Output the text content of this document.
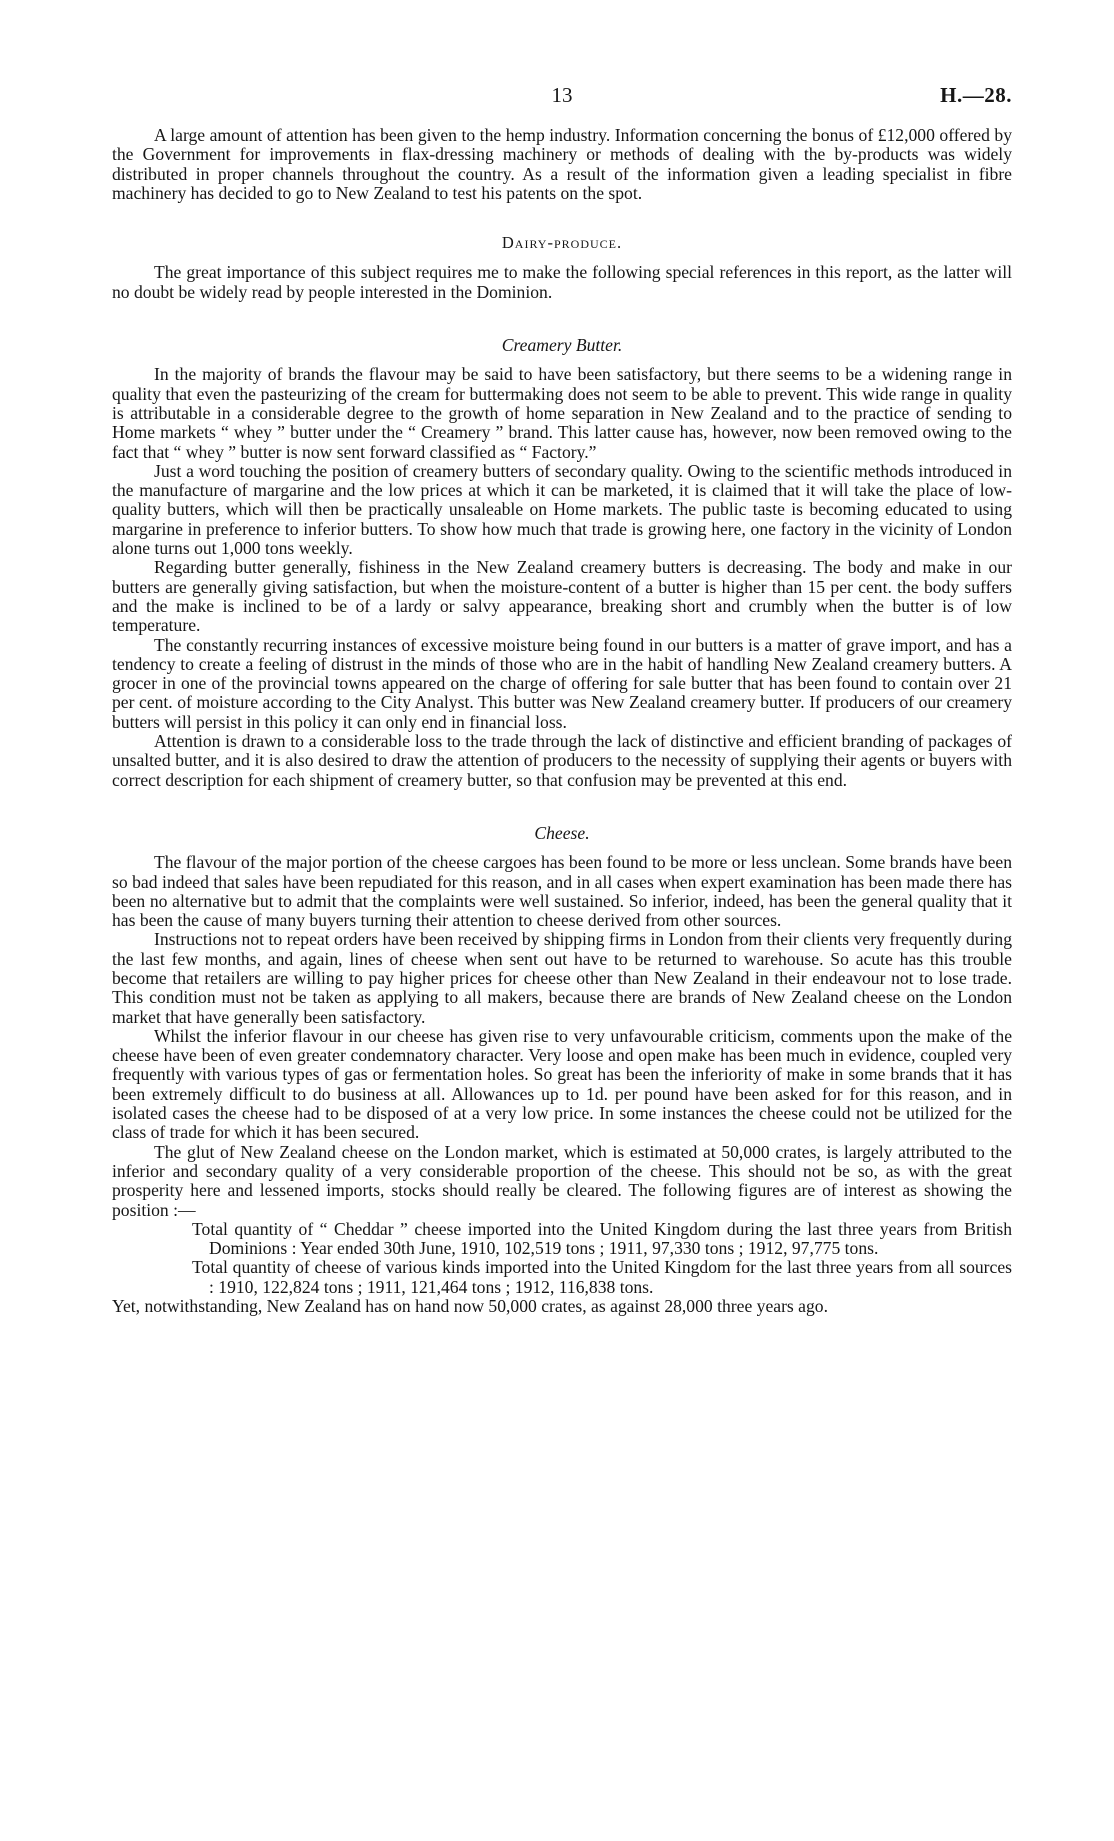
13	H.—28.

A large amount of attention has been given to the hemp industry. Information concerning the bonus of £12,000 offered by the Government for improvements in flax-dressing machinery or methods of dealing with the by-products was widely distributed in proper channels throughout the country. As a result of the information given a leading specialist in fibre machinery has decided to go to New Zealand to test his patents on the spot.

Dairy-produce.

The great importance of this subject requires me to make the following special references in this report, as the latter will no doubt be widely read by people interested in the Dominion.

Creamery Butter.

In the majority of brands the flavour may be said to have been satisfactory, but there seems to be a widening range in quality that even the pasteurizing of the cream for buttermaking does not seem to be able to prevent. This wide range in quality is attributable in a considerable degree to the growth of home separation in New Zealand and to the practice of sending to Home markets “ whey ” butter under the “ Creamery ” brand. This latter cause has, however, now been removed owing to the fact that “ whey ” butter is now sent forward classified as “ Factory.”

Just a word touching the position of creamery butters of secondary quality. Owing to the scientific methods introduced in the manufacture of margarine and the low prices at which it can be marketed, it is claimed that it will take the place of low-quality butters, which will then be practically unsaleable on Home markets. The public taste is becoming educated to using margarine in preference to inferior butters. To show how much that trade is growing here, one factory in the vicinity of London alone turns out 1,000 tons weekly.

Regarding butter generally, fishiness in the New Zealand creamery butters is decreasing. The body and make in our butters are generally giving satisfaction, but when the moisture-content of a butter is higher than 15 per cent. the body suffers and the make is inclined to be of a lardy or salvy appearance, breaking short and crumbly when the butter is of low temperature.

The constantly recurring instances of excessive moisture being found in our butters is a matter of grave import, and has a tendency to create a feeling of distrust in the minds of those who are in the habit of handling New Zealand creamery butters. A grocer in one of the provincial towns appeared on the charge of offering for sale butter that has been found to contain over 21 per cent. of moisture according to the City Analyst. This butter was New Zealand creamery butter. If producers of our creamery butters will persist in this policy it can only end in financial loss.

Attention is drawn to a considerable loss to the trade through the lack of distinctive and efficient branding of packages of unsalted butter, and it is also desired to draw the attention of producers to the necessity of supplying their agents or buyers with correct description for each shipment of creamery butter, so that confusion may be prevented at this end.

Cheese.

The flavour of the major portion of the cheese cargoes has been found to be more or less unclean. Some brands have been so bad indeed that sales have been repudiated for this reason, and in all cases when expert examination has been made there has been no alternative but to admit that the complaints were well sustained. So inferior, indeed, has been the general quality that it has been the cause of many buyers turning their attention to cheese derived from other sources.

Instructions not to repeat orders have been received by shipping firms in London from their clients very frequently during the last few months, and again, lines of cheese when sent out have to be returned to warehouse. So acute has this trouble become that retailers are willing to pay higher prices for cheese other than New Zealand in their endeavour not to lose trade. This condition must not be taken as applying to all makers, because there are brands of New Zealand cheese on the London market that have generally been satisfactory.

Whilst the inferior flavour in our cheese has given rise to very unfavourable criticism, comments upon the make of the cheese have been of even greater condemnatory character. Very loose and open make has been much in evidence, coupled very frequently with various types of gas or fermentation holes. So great has been the inferiority of make in some brands that it has been extremely difficult to do business at all. Allowances up to 1d. per pound have been asked for for this reason, and in isolated cases the cheese had to be disposed of at a very low price. In some instances the cheese could not be utilized for the class of trade for which it has been secured.

The glut of New Zealand cheese on the London market, which is estimated at 50,000 crates, is largely attributed to the inferior and secondary quality of a very considerable proportion of the cheese. This should not be so, as with the great prosperity here and lessened imports, stocks should really be cleared. The following figures are of interest as showing the position :—

Total quantity of “ Cheddar ” cheese imported into the United Kingdom during the last three years from British Dominions : Year ended 30th June, 1910, 102,519 tons ; 1911, 97,330 tons ; 1912, 97,775 tons.
Total quantity of cheese of various kinds imported into the United Kingdom for the last three years from all sources : 1910, 122,824 tons ; 1911, 121,464 tons ; 1912, 116,838 tons.

Yet, notwithstanding, New Zealand has on hand now 50,000 crates, as against 28,000 three years ago.
